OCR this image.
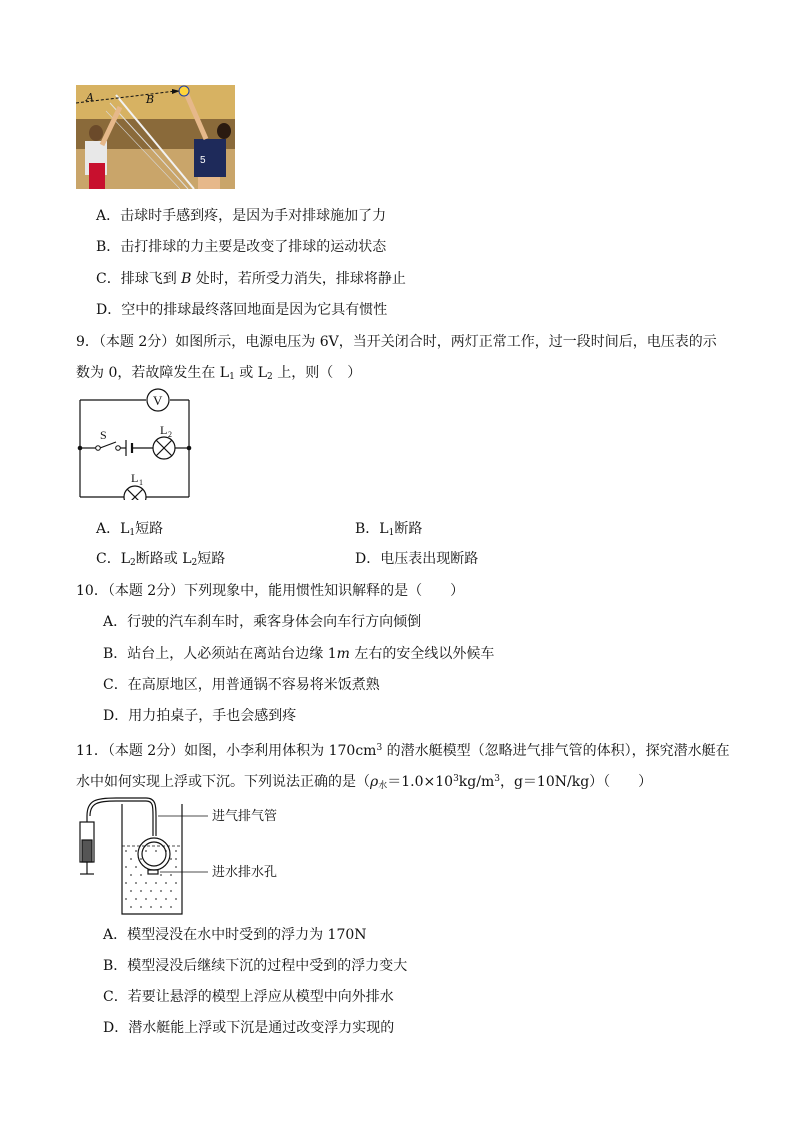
5
A	B
A．击球时手感到疼，是因为手对排球施加了力
B．击打排球的力主要是改变了排球的运动状态
C．排球飞到 B 处时，若所受力消失，排球将静止
D．空中的排球最终落回地面是因为它具有惯性
9．（本题 2分）如图所示，电源电压为 6V，当开关闭合时，两灯正常工作，过一段时间后，电压表的示
数为 0，若故障发生在 $L_1$ 或 $L_2$ 上，则（　）
V
S	L 2
L 1
A．$L_1$短路	B．$L_1$断路
C．$L_2$断路或 $L_2$短路	D．电压表出现断路
10．（本题 2分）下列现象中，能用惯性知识解释的是（　　）
A．行驶的汽车刹车时，乘客身体会向车行方向倾倒
B．站台上，人必须站在离站台边缘 1m 左右的安全线以外候车
C．在高原地区，用普通锅不容易将米饭煮熟
D．用力拍桌子，手也会感到疼
11．（本题 2分）如图，小李利用体积为 $170cm^3$ 的潜水艇模型（忽略进气排气管的体积），探究潜水艇在
水中如何实现上浮或下沉。下列说法正确的是（$\rho_水=1.0\times 10^3kg/m^3$，g＝10N/kg）（　　）
进气排气管
进水排水孔
A．模型浸没在水中时受到的浮力为 170N
B．模型浸没后继续下沉的过程中受到的浮力变大
C．若要让悬浮的模型上浮应从模型中向外排水
D．潜水艇能上浮或下沉是通过改变浮力实现的
